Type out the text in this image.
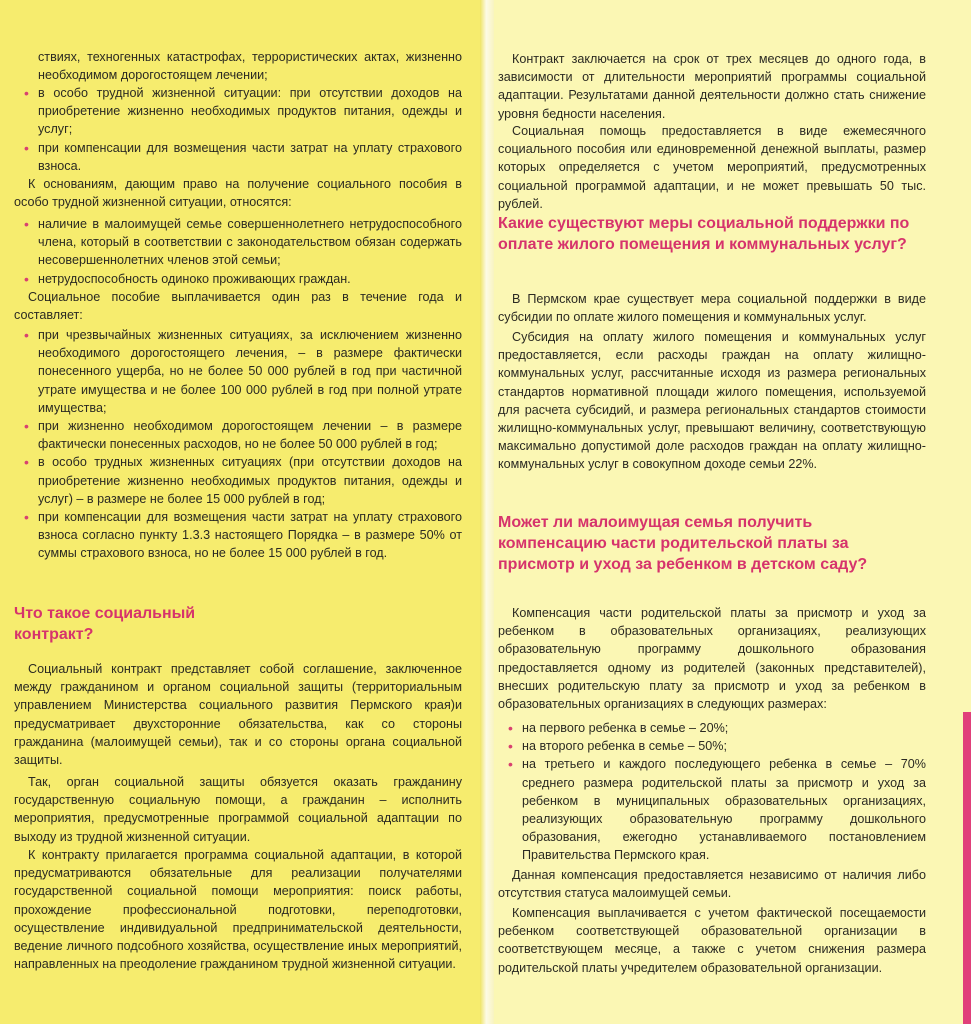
ствиях, техногенных катастрофах, террористических актах, жизненно необходимом дорогостоящем лечении;

• в особо трудной жизненной ситуации: при отсутствии доходов на приобретение жизненно необходимых продуктов питания, одежды и услуг;
• при компенсации для возмещения части затрат на уплату страхового взноса.

К основаниям, дающим право на получение социального пособия в особо трудной жизненной ситуации, относятся:

• наличие в малоимущей семье совершеннолетнего нетрудоспособного члена, который в соответствии с законодательством обязан содержать несовершеннолетних членов этой семьи;
• нетрудоспособность одиноко проживающих граждан.

Социальное пособие выплачивается один раз в течение года и составляет:

• при чрезвычайных жизненных ситуациях, за исключением жизненно необходимого дорогостоящего лечения, – в размере фактически понесенного ущерба, но не более 50 000 рублей в год при частичной утрате имущества и не более 100 000 рублей в год при полной утрате имущества;
• при жизненно необходимом дорогостоящем лечении – в размере фактически понесенных расходов, но не более 50 000 рублей в год;
• в особо трудных жизненных ситуациях (при отсутствии доходов на приобретение жизненно необходимых продуктов питания, одежды и услуг) – в размере не более 15 000 рублей в год;
• при компенсации для возмещения части затрат на уплату страхового взноса согласно пункту 1.3.3 настоящего Порядка – в размере 50% от суммы страхового взноса, но не более 15 000 рублей в год.
Что такое социальный контракт?

Социальный контракт представляет собой соглашение, заключенное между гражданином и органом социальной защиты (территориальным управлением Министерства социального развития Пермского края)и предусматривает двухсторонние обязательства, как со стороны гражданина (малоимущей семьи), так и со стороны органа социальной защиты.

Так, орган социальной защиты обязуется оказать гражданину государственную социальную помощи, а гражданин – исполнить мероприятия, предусмотренные программой социальной адаптации по выходу из трудной жизненной ситуации.

К контракту прилагается программа социальной адаптации, в которой предусматриваются обязательные для реализации получателями государственной социальной помощи мероприятия: поиск работы, прохождение профессиональной подготовки, переподготовки, осуществление индивидуальной предпринимательской деятельности, ведение личного подсобного хозяйства, осуществление иных мероприятий, направленных на преодоление гражданином трудной жизненной ситуации.

Контракт заключается на срок от трех месяцев до одного года, в зависимости от длительности мероприятий программы социальной адаптации. Результатами данной деятельности должно стать снижение уровня бедности населения.

Социальная помощь предоставляется в виде ежемесячного социального пособия или единовременной денежной выплаты, размер которых определяется с учетом мероприятий, предусмотренных социальной программой адаптации, и не может превышать 50 тыс. рублей.

Какие существуют меры социальной поддержки по оплате жилого помещения и коммунальных услуг?

В Пермском крае существует мера социальной поддержки в виде субсидии по оплате жилого помещения и коммунальных услуг.

Субсидия на оплату жилого помещения и коммунальных услуг предоставляется, если расходы граждан на оплату жилищно-коммунальных услуг, рассчитанные исходя из размера региональных стандартов нормативной площади жилого помещения, используемой для расчета субсидий, и размера региональных стандартов стоимости жилищно-коммунальных услуг, превышают величину, соответствующую максимально допустимой доле расходов граждан на оплату жилищно-коммунальных услуг в совокупном доходе семьи 22%.

Может ли малоимущая семья получить компенсацию части родительской платы за присмотр и уход за ребенком в детском саду?

Компенсация части родительской платы за присмотр и уход за ребенком в образовательных организациях, реализующих образовательную программу дошкольного образования предоставляется одному из родителей (законных представителей), внесших родительскую плату за присмотр и уход за ребенком в образовательных организациях в следующих размерах:

• на первого ребенка в семье – 20%;
• на второго ребенка в семье – 50%;
• на третьего и каждого последующего ребенка в семье – 70% среднего размера родительской платы за присмотр и уход за ребенком в муниципальных образовательных организациях, реализующих образовательную программу дошкольного образования, ежегодно устанавливаемого постановлением Правительства Пермского края.

Данная компенсация предоставляется независимо от наличия либо отсутствия статуса малоимущей семьи.

Компенсация выплачивается с учетом фактической посещаемости ребенком соответствующей образовательной организации в соответствующем месяце, а также с учетом снижения размера родительской платы учредителем образовательной организации.
